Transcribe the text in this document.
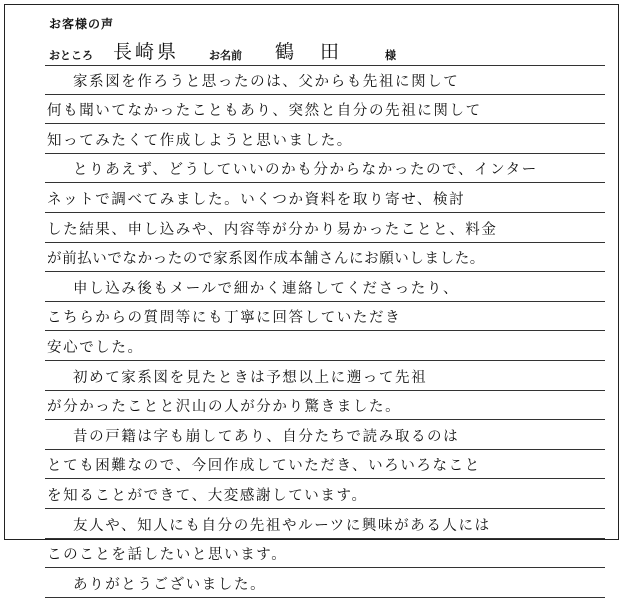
お客様の声
おところ 長崎県	お名前 鶴 田	様
家系図を作ろうと思ったのは、父からも先祖に関して
何も聞いてなかったこともあり、突然と自分の先祖に関して
知ってみたくて作成しようと思いました。
とりあえず、どうしていいのかも分からなかったので、インター
ネットで調べてみました。いくつか資料を取り寄せ、検討
した結果、申し込みや、内容等が分かり易かったことと、料金
が前払いでなかったので家系図作成本舗さんにお願いしました。
申し込み後もメールで細かく連絡してくださったり、
こちらからの質問等にも丁寧に回答していただき
安心でした。
初めて家系図を見たときは予想以上に遡って先祖
が分かったことと沢山の人が分かり驚きました。
昔の戸籍は字も崩してあり、自分たちで読み取るのは
とても困難なので、今回作成していただき、いろいろなこと
を知ることができて、大変感謝しています。
友人や、知人にも自分の先祖やルーツに興味がある人には
このことを話したいと思います。
ありがとうございました。
